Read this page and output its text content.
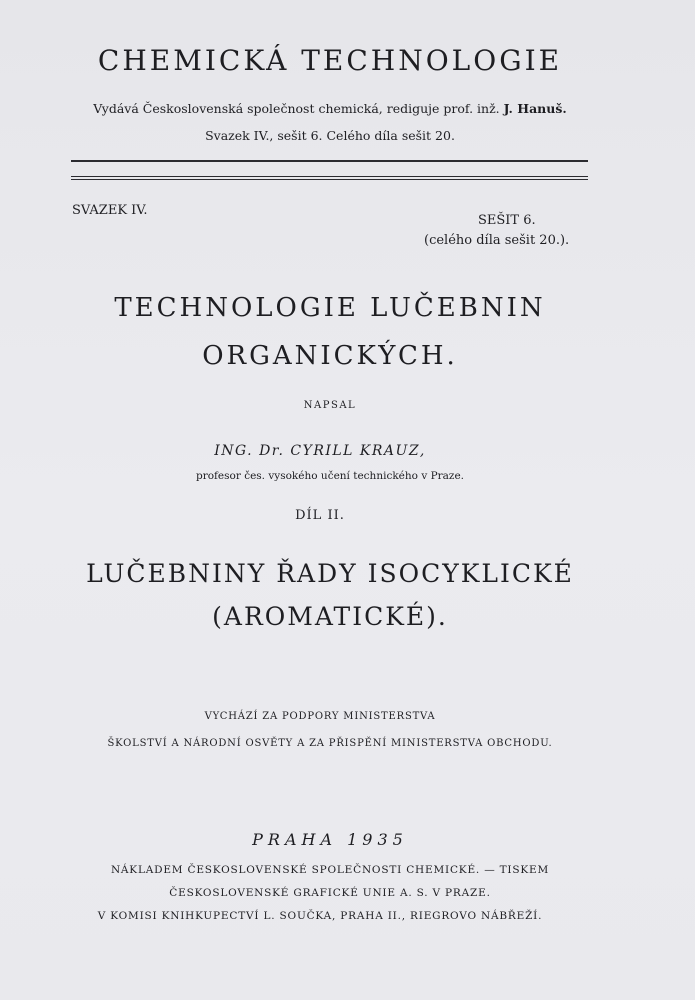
CHEMICKÁ TECHNOLOGIE
Vydává Československá společnost chemická, rediguje prof. inž. J. Hanuš.
Svazek IV., sešit 6. Celého díla sešit 20.
SVAZEK IV.
SEŠIT 6.
(celého díla sešit 20.).
TECHNOLOGIE LUČEBNIN
ORGANICKÝCH.
NAPSAL
ING. Dr. CYRILL KRAUZ,
profesor čes. vysokého učení technického v Praze.
DÍL II.
LUČEBNINY ŘADY ISOCYKLICKÉ
(AROMATICKÉ).
VYCHÁZÍ ZA PODPORY MINISTERSTVA
ŠKOLSTVÍ A NÁRODNÍ OSVĚTY A ZA PŘISPĚNÍ MINISTERSTVA OBCHODU.
PRAHA 1935
NÁKLADEM ČESKOSLOVENSKÉ SPOLEČNOSTI CHEMICKÉ. — TISKEM
ČESKOSLOVENSKÉ GRAFICKÉ UNIE A. S. V PRAZE.
V KOMISI KNIHKUPECTVÍ L. SOUČKA, PRAHA II., RIEGROVO NÁBŘEŽÍ.
